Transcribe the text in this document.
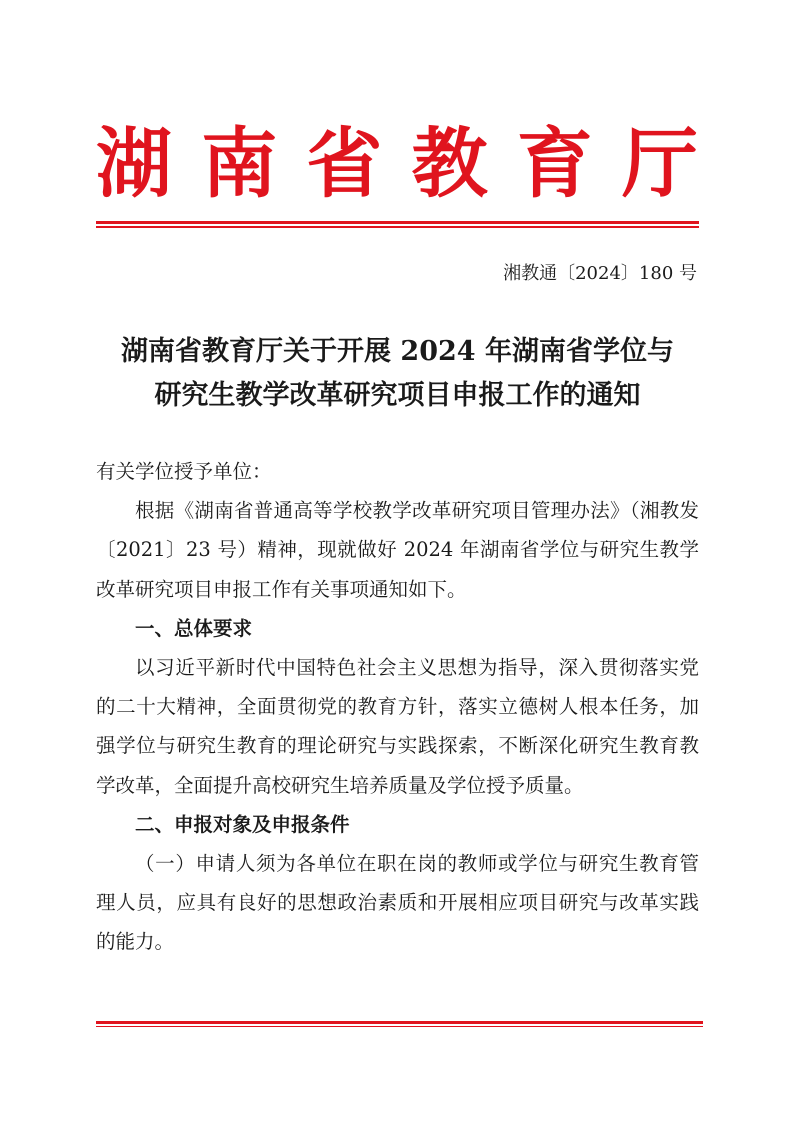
湖 南 省 教 育 厅
湘教通〔2024〕180 号
湖南省教育厅关于开展 2024 年湖南省学位与
研究生教学改革研究项目申报工作的通知

有关学位授予单位：

根据《湖南省普通高等学校教学改革研究项目管理办法》（湘教发〔2021〕23 号）精神，现就做好 2024 年湖南省学位与研究生教学改革研究项目申报工作有关事项通知如下。

一、总体要求

以习近平新时代中国特色社会主义思想为指导，深入贯彻落实党的二十大精神，全面贯彻党的教育方针，落实立德树人根本任务，加强学位与研究生教育的理论研究与实践探索，不断深化研究生教育教学改革，全面提升高校研究生培养质量及学位授予质量。

二、申报对象及申报条件

（一）申请人须为各单位在职在岗的教师或学位与研究生教育管理人员，应具有良好的思想政治素质和开展相应项目研究与改革实践的能力。
